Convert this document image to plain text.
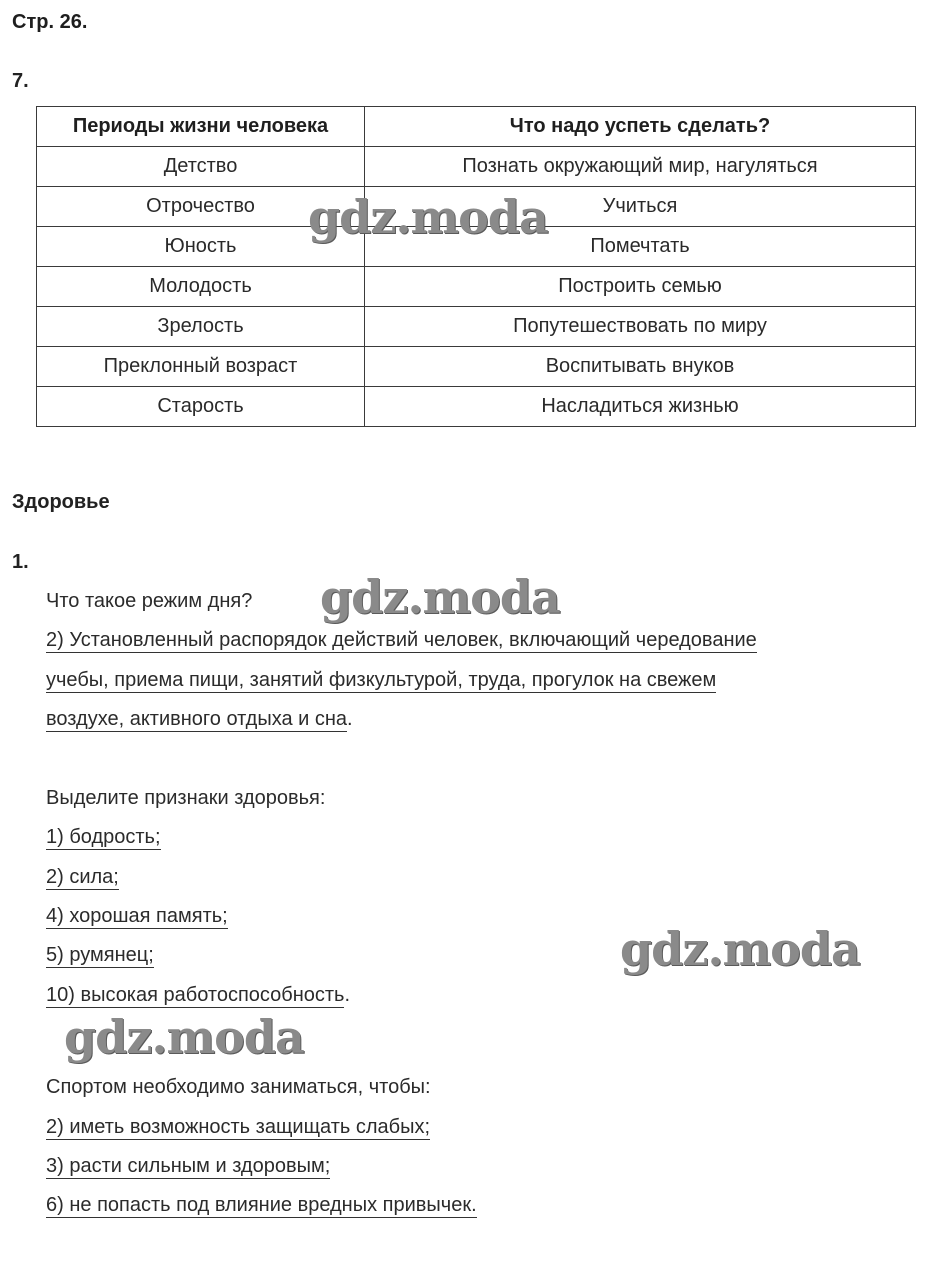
Стр. 26.
7.
Периоды жизни человека	Что надо успеть сделать?
Детство	Познать окружающий мир, нагуляться
Отрочество	Учиться
Юность	Помечтать
Молодость	Построить семью
Зрелость	Попутешествовать по миру
Преклонный возраст	Воспитывать внуков
Старость	Насладиться жизнью
Здоровье
1.
Что такое режим дня?
2) Установленный распорядок действий человек, включающий чередование
учебы, приема пищи, занятий физкультурой, труда, прогулок на свежем
воздухе, активного отдыха и сна.
Выделите признаки здоровья:
1) бодрость;
2) сила;
4) хорошая память;
5) румянец;
10) высокая работоспособность.
Спортом необходимо заниматься, чтобы:
2) иметь возможность защищать слабых;
3) расти сильным и здоровым;
6) не попасть под влияние вредных привычек.
gdz.moda
gdz.moda
gdz.moda
gdz.moda
